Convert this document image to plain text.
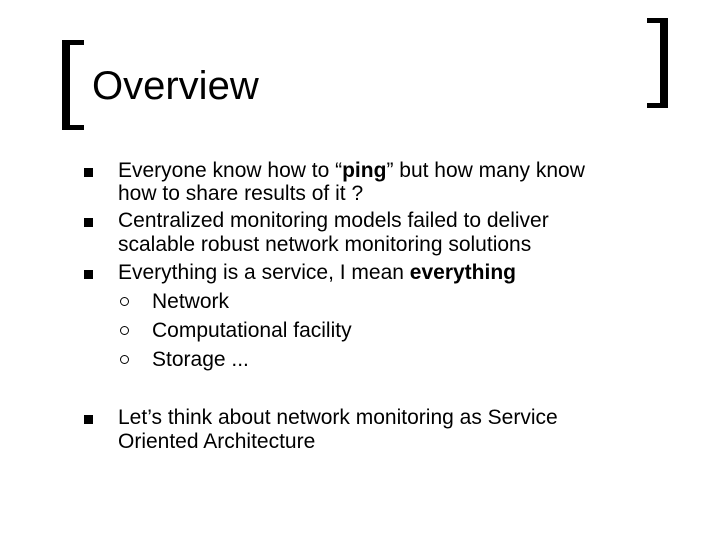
Overview
Everyone know how to “ping” but how many know
how to share results of it ?
Centralized monitoring models failed to deliver
scalable robust network monitoring solutions
Everything is a service, I mean everything
Network
Computational facility
Storage ...
Let’s think about network monitoring as Service
Oriented Architecture
